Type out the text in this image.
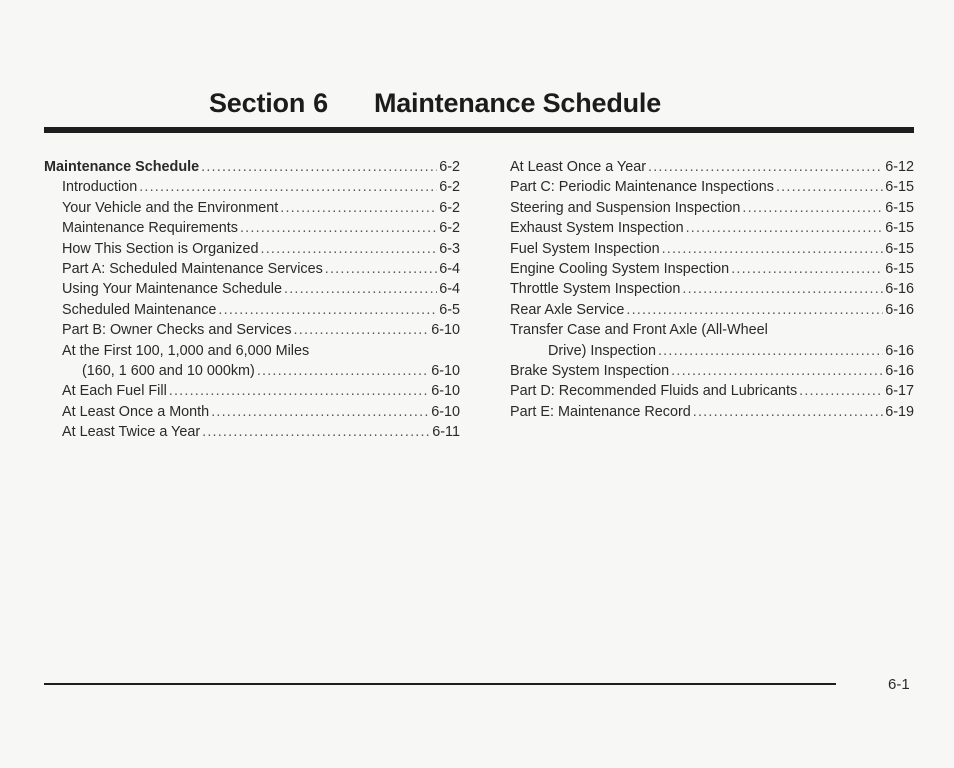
Section 6 Maintenance Schedule
Maintenance Schedule .....	6-2
Introduction .....	6-2
Your Vehicle and the Environment .....	6-2
Maintenance Requirements .....	6-2
How This Section is Organized .....	6-3
Part A: Scheduled Maintenance Services .....	6-4
Using Your Maintenance Schedule .....	6-4
Scheduled Maintenance .....	6-5
Part B: Owner Checks and Services .....	6-10
At the First 100, 1,000 and 6,000 Miles
(160, 1 600 and 10 000km) .....	6-10
At Each Fuel Fill .....	6-10
At Least Once a Month .....	6-10
At Least Twice a Year .....	6-11
At Least Once a Year .....	6-12
Part C: Periodic Maintenance Inspections .....	6-15
Steering and Suspension Inspection .....	6-15
Exhaust System Inspection .....	6-15
Fuel System Inspection .....	6-15
Engine Cooling System Inspection .....	6-15
Throttle System Inspection .....	6-16
Rear Axle Service .....	6-16
Transfer Case and Front Axle (All-Wheel
Drive) Inspection .....	6-16
Brake System Inspection .....	6-16
Part D: Recommended Fluids and Lubricants .....	6-17
Part E: Maintenance Record .....	6-19
6-1
